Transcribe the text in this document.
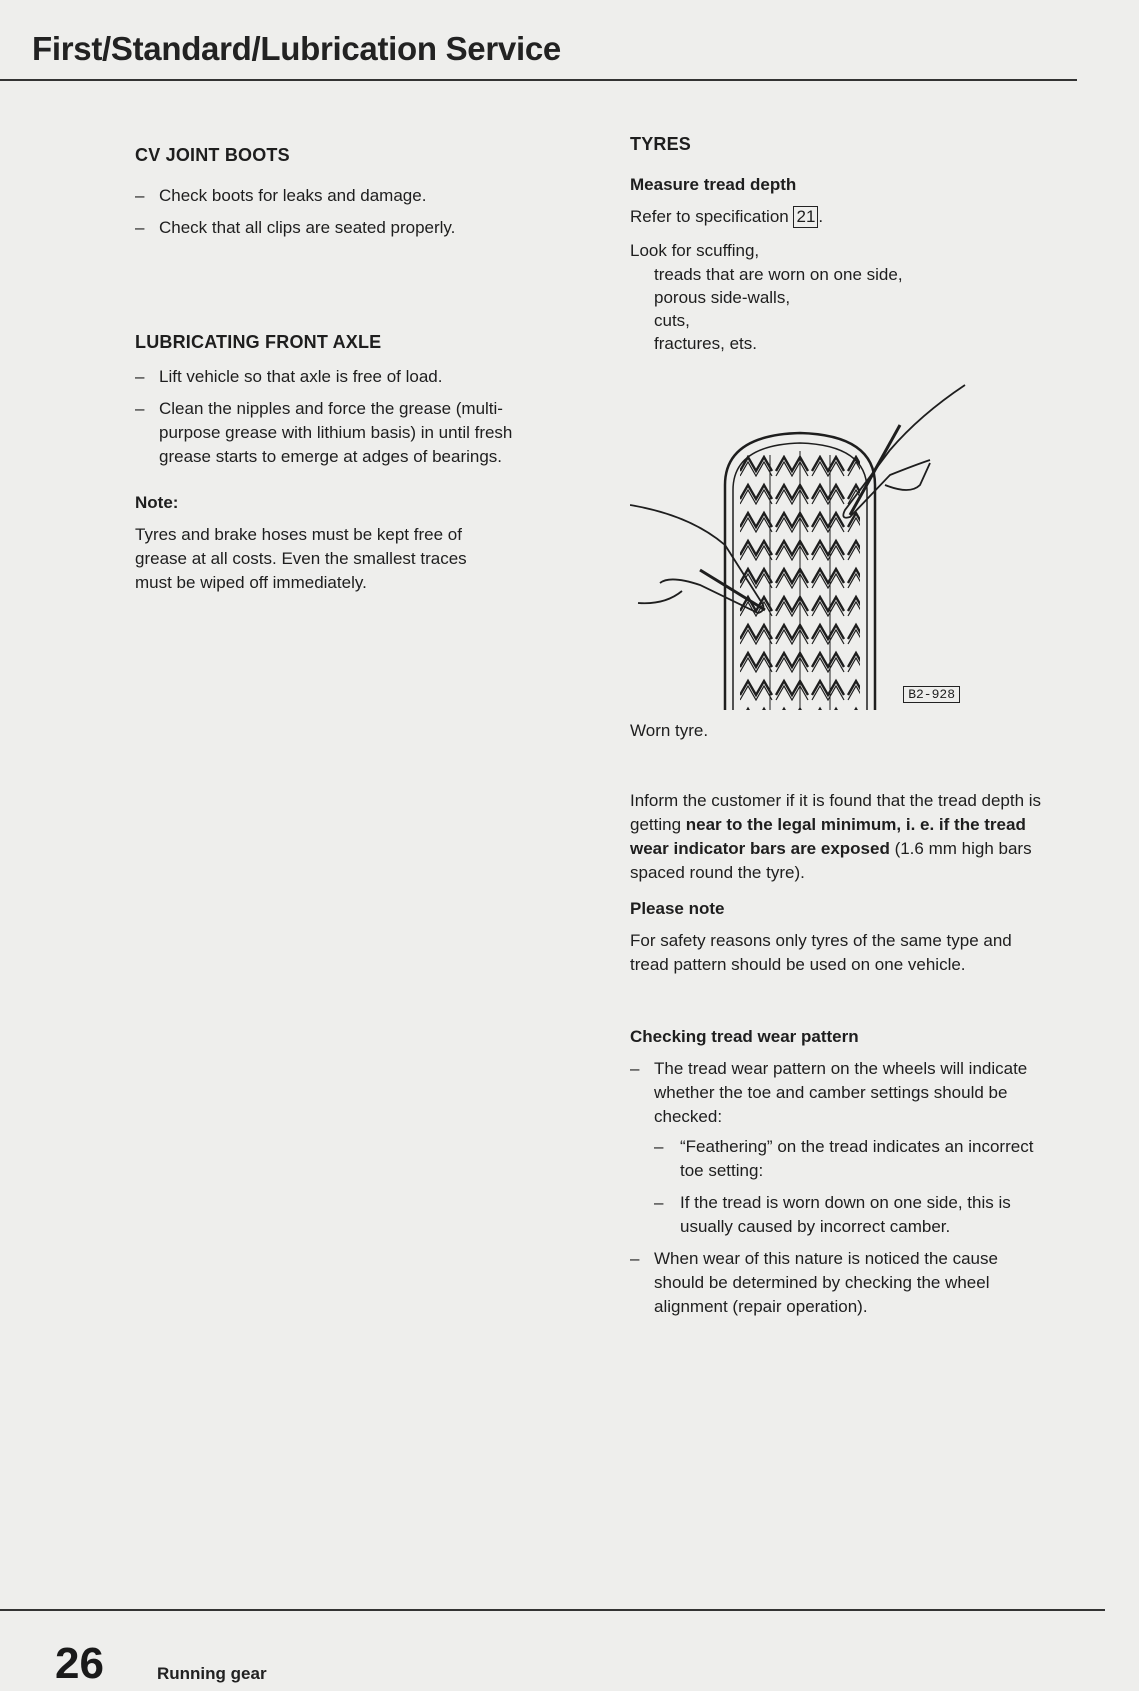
First/Standard/Lubrication Service
CV JOINT BOOTS
– Check boots for leaks and damage.
– Check that all clips are seated properly.
LUBRICATING FRONT AXLE
– Lift vehicle so that axle is free of load.
– Clean the nipples and force the grease (multi-purpose grease with lithium basis) in until fresh grease starts to emerge at adges of bearings.
Note:

Tyres and brake hoses must be kept free of grease at all costs. Even the smallest traces must be wiped off immediately.

TYRES
Measure tread depth

Refer to specification 21 .

Look for scuffing,

treads that are worn on one side,
porous side-walls,
cuts,
fractures, ets.
B2-928

Worn tyre.

Inform the customer if it is found that the tread depth is getting near to the legal minimum, i. e. if the tread wear indicator bars are exposed (1.6 mm high bars spaced round the tyre).

Please note

For safety reasons only tyres of the same type and tread pattern should be used on one vehicle.

Checking tread wear pattern
– The tread wear pattern on the wheels will indicate whether the toe and camber settings should be checked:
– “Feathering” on the tread indicates an incorrect toe setting:
– If the tread is worn down on one side, this is usually caused by incorrect camber.
– When wear of this nature is noticed the cause should be determined by checking the wheel alignment (repair operation).
26	Running gear
